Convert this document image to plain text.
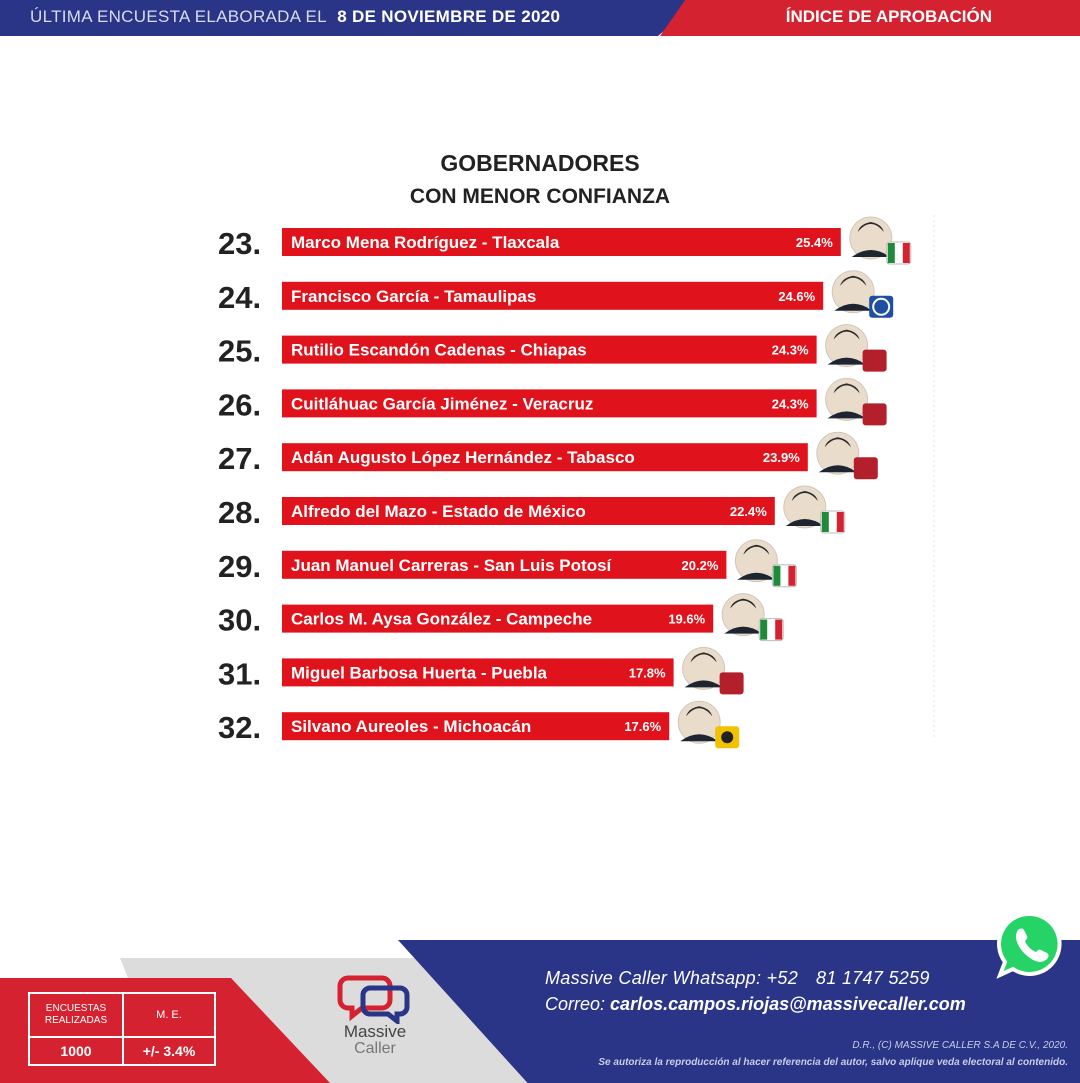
ÚLTIMA ENCUESTA ELABORADA EL 8 DE NOVIEMBRE DE 2020	ÍNDICE DE APROBACIÓN
GOBERNADORES
CON MENOR CONFIANZA
23. Marco Mena Rodríguez - Tlaxcala	25.4%
24. Francisco García - Tamaulipas	24.6%
25. Rutilio Escandón Cadenas - Chiapas	24.3%
26. Cuitláhuac García Jiménez - Veracruz	24.3%
27. Adán Augusto López Hernández - Tabasco	23.9%
28. Alfredo del Mazo - Estado de México	22.4%
29. Juan Manuel Carreras - San Luis Potosí	20.2%
30. Carlos M. Aysa González - Campeche	19.6%
31. Miguel Barbosa Huerta - Puebla	17.8%
32. Silvano Aureoles - Michoacán	17.6%
ENCUESTAS REALIZADAS	M. E.
1000	+/- 3.4%
Massive
Caller
Massive Caller Whatsapp: +52 81 1747 5259
Correo: carlos.campos.riojas@massivecaller.com
D.R., (C) MASSIVE CALLER S.A DE C.V., 2020.
Se autoriza la reproducción al hacer referencia del autor, salvo aplique veda electoral al contenido.
